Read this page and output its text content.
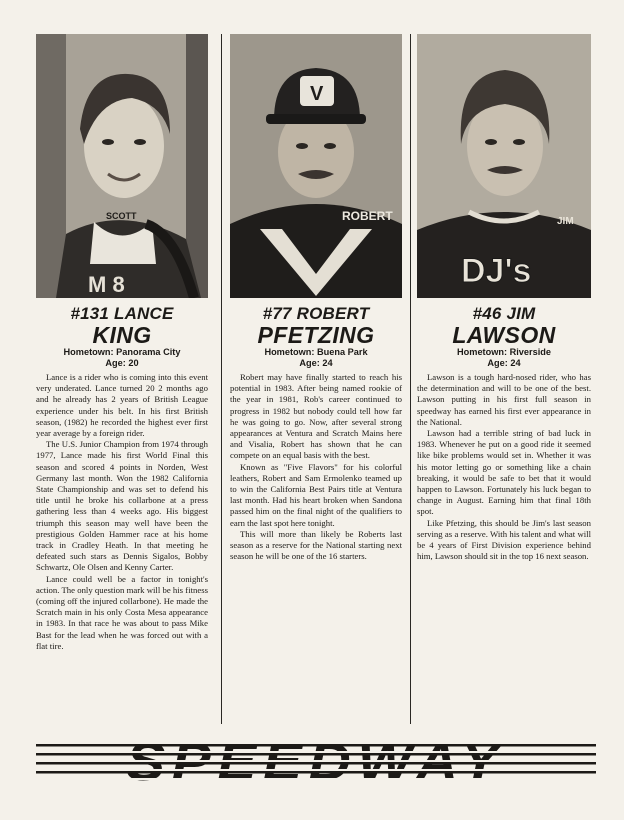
SCOTT
M 8
#131 LANCE
KING
Hometown: Panorama City
Age: 20

Lance is a rider who is coming into this event very underated. Lance turned 20 2 months ago and he already has 2 years of British League experience under his belt. In his first British season, (1982) he recorded the highest ever first year average by a foreign rider.

The U.S. Junior Champion from 1974 through 1977, Lance made his first World Final this season and scored 4 points in Norden, West Germany last month. Won the 1982 California State Championship and was set to defend his title until he broke his collarbone at a press gathering less than 4 weeks ago. His biggest triumph this season may well have been the prestigious Golden Hammer race at his home track in Cradley Heath. In that meeting he defeated such stars as Dennis Sigalos, Bobby Schwartz, Ole Olsen and Kenny Carter.

Lance could well be a factor in tonight's action. The only question mark will be his fitness (coming off the injured collarbone). He made the Scratch main in his only Costa Mesa appearance in 1983. In that race he was about to pass Mike Bast for the lead when he was forced out with a flat tire.

V
ROBERT
#77 ROBERT
PFETZING
Hometown: Buena Park
Age: 24

Robert may have finally started to reach his potential in 1983. After being named rookie of the year in 1981, Rob's career continued to progress in 1982 but nobody could tell how far he was going to go. Now, after several strong appearances at Ventura and Scratch Mains here and Visalia, Robert has shown that he can compete on an equal basis with the best.

Known as "Five Flavors" for his colorful leathers, Robert and Sam Ermolenko teamed up to win the California Best Pairs title at Ventura last month. Had his heart broken when Sandona passed him on the final night of the qualifiers to earn the last spot here tonight.

This will more than likely be Roberts last season as a reserve for the National starting next season he will be one of the 16 starters.

DJ's
JIM
#46 JIM
LAWSON
Hometown: Riverside
Age: 24

Lawson is a tough hard-nosed rider, who has the determination and will to be one of the best. Lawson putting in his first full season in speedway has earned his first ever appearance in the National.

Lawson had a terrible string of bad luck in 1983. Whenever he put on a good ride it seemed like bike problems would set in. Whether it was his motor letting go or something like a chain breaking, it would be safe to bet that it would happen to Lawson. Fortunately his luck began to change in August. Earning him that final 18th spot.

Like Pfetzing, this should be Jim's last season serving as a reserve. With his talent and what will be 4 years of First Division experience behind him, Lawson should sit in the top 16 next season.
